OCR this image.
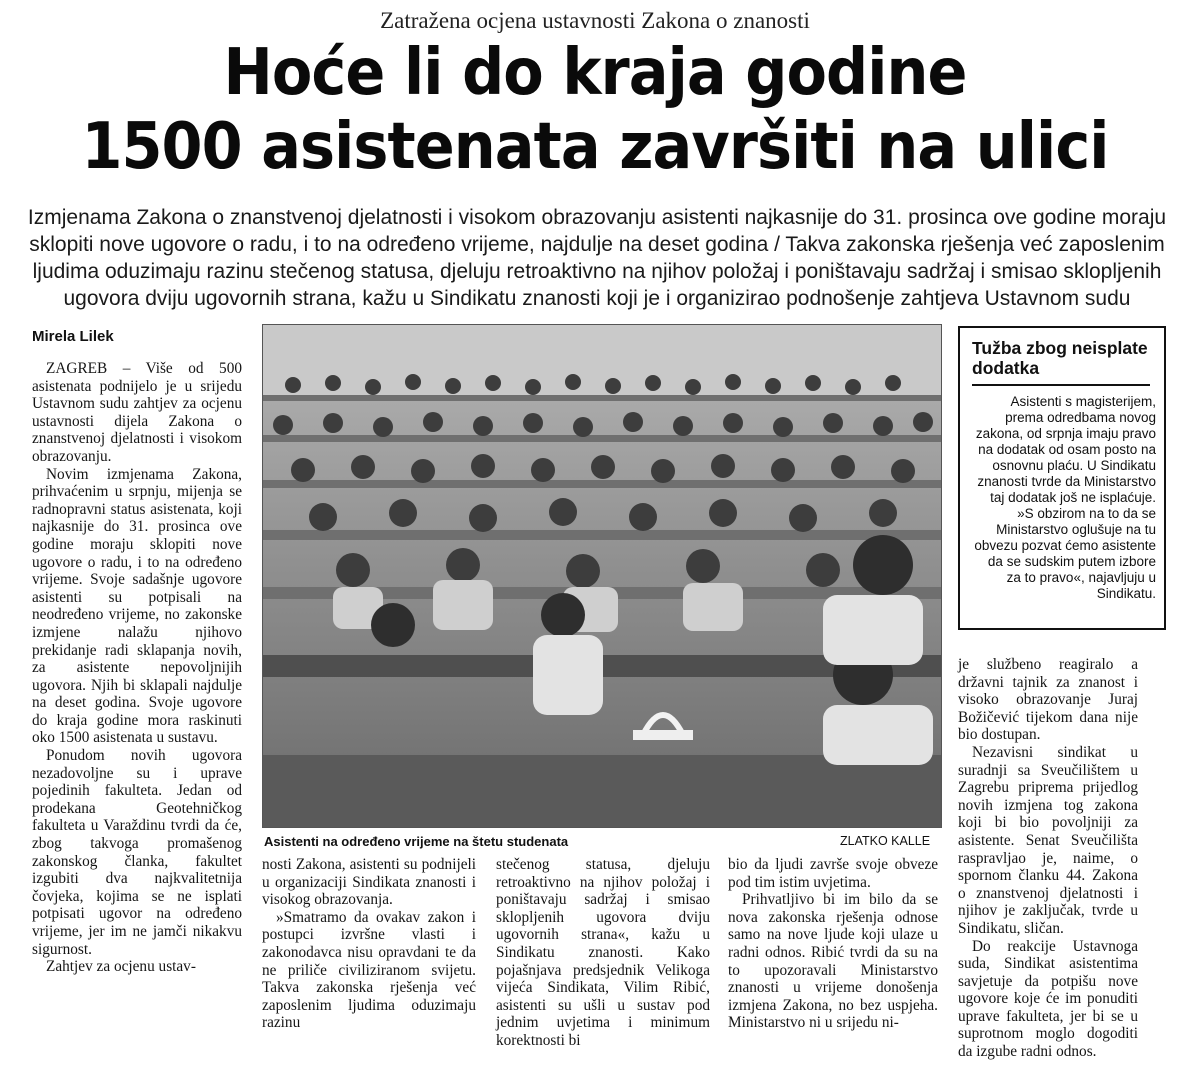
Zatražena ocjena ustavnosti Zakona o znanosti
Hoće li do kraja godine
1500 asistenata završiti na ulici
Izmjenama Zakona o znanstvenoj djelatnosti i visokom obrazovanju asistenti najkasnije do 31. prosinca ove godine moraju sklopiti nove ugovore o radu, i to na određeno vrijeme, najdulje na deset godina / Takva zakonska rješenja već zaposlenim ljudima oduzimaju razinu stečenog statusa, djeluju retroaktivno na njihov položaj i poništavaju sadržaj i smisao sklopljenih ugovora dviju ugovornih strana, kažu u Sindikatu znanosti koji je i organizirao podnošenje zahtjeva Ustavnom sudu
Mirela Lilek

ZAGREB – Više od 500 asistenata podnijelo je u srijedu Ustavnom sudu zahtjev za ocjenu ustavnosti dijela Zakona o znanstvenoj djelatnosti i visokom obrazovanju.

Novim izmjenama Zakona, prihvaćenim u srpnju, mijenja se radnopravni status asistenata, koji najkasnije do 31. prosinca ove godine moraju sklopiti nove ugovore o radu, i to na određeno vrijeme. Svoje sadašnje ugovore asistenti su potpisali na neodređeno vrijeme, no zakonske izmjene nalažu njihovo prekidanje radi sklapanja novih, za asistente nepovoljnijih ugovora. Njih bi sklapali najdulje na deset godina. Svoje ugovore do kraja godine mora raskinuti oko 1500 asistenata u sustavu.

Ponudom novih ugovora nezadovoljne su i uprave pojedinih fakulteta. Jedan od prodekana Geotehničkog fakulteta u Varaždinu tvrdi da će, zbog takvoga promašenog zakonskog članka, fakultet izgubiti dva najkvalitetnija čovjeka, kojima se ne isplati potpisati ugovor na određeno vrijeme, jer im ne jamči nikakvu sigurnost.

Zahtjev za ocjenu ustav-

Asistenti na određeno vrijeme na štetu studenata	ZLATKO KALLE
Tužba zbog neisplate dodatka
Asistenti s magisterijem, prema odredbama novog zakona, od srpnja imaju pravo na dodatak od osam posto na osnovnu plaću. U Sindikatu znanosti tvrde da Ministarstvo taj dodatak još ne isplaćuje. »S obzirom na to da se Ministarstvo oglušuje na tu obvezu pozvat ćemo asistente da se sudskim putem izbore za to pravo«, najavljuju u Sindikatu.

nosti Zakona, asistenti su podnijeli u organizaciji Sindikata znanosti i visokog obrazovanja.

»Smatramo da ovakav zakon i postupci izvršne vlasti i zakonodavca nisu opravdani te da ne priliče civiliziranom svijetu. Takva zakonska rješenja već zaposlenim ljudima oduzimaju razinu

stečenog statusa, djeluju retroaktivno na njihov položaj i poništavaju sadržaj i smisao sklopljenih ugovora dviju ugovornih strana«, kažu u Sindikatu znanosti. Kako pojašnjava predsjednik Velikoga vijeća Sindikata, Vilim Ribić, asistenti su ušli u sustav pod jednim uvjetima i minimum korektnosti bi

bio da ljudi završe svoje obveze pod tim istim uvjetima.

Prihvatljivo bi im bilo da se nova zakonska rješenja odnose samo na nove ljude koji ulaze u radni odnos. Ribić tvrdi da su na to upozoravali Ministarstvo znanosti u vrijeme donošenja izmjena Zakona, no bez uspjeha. Ministarstvo ni u srijedu ni-

je službeno reagiralo a državni tajnik za znanost i visoko obrazovanje Juraj Božičević tijekom dana nije bio dostupan.

Nezavisni sindikat u suradnji sa Sveučilištem u Zagrebu priprema prijedlog novih izmjena tog zakona koji bi bio povoljniji za asistente. Senat Sveučilišta raspravljao je, naime, o spornom članku 44. Zakona o znanstvenoj djelatnosti i njihov je zaključak, tvrde u Sindikatu, sličan.

Do reakcije Ustavnoga suda, Sindikat asistentima savjetuje da potpišu nove ugovore koje će im ponuditi uprave fakulteta, jer bi se u suprotnom moglo dogoditi da izgube radni odnos.
